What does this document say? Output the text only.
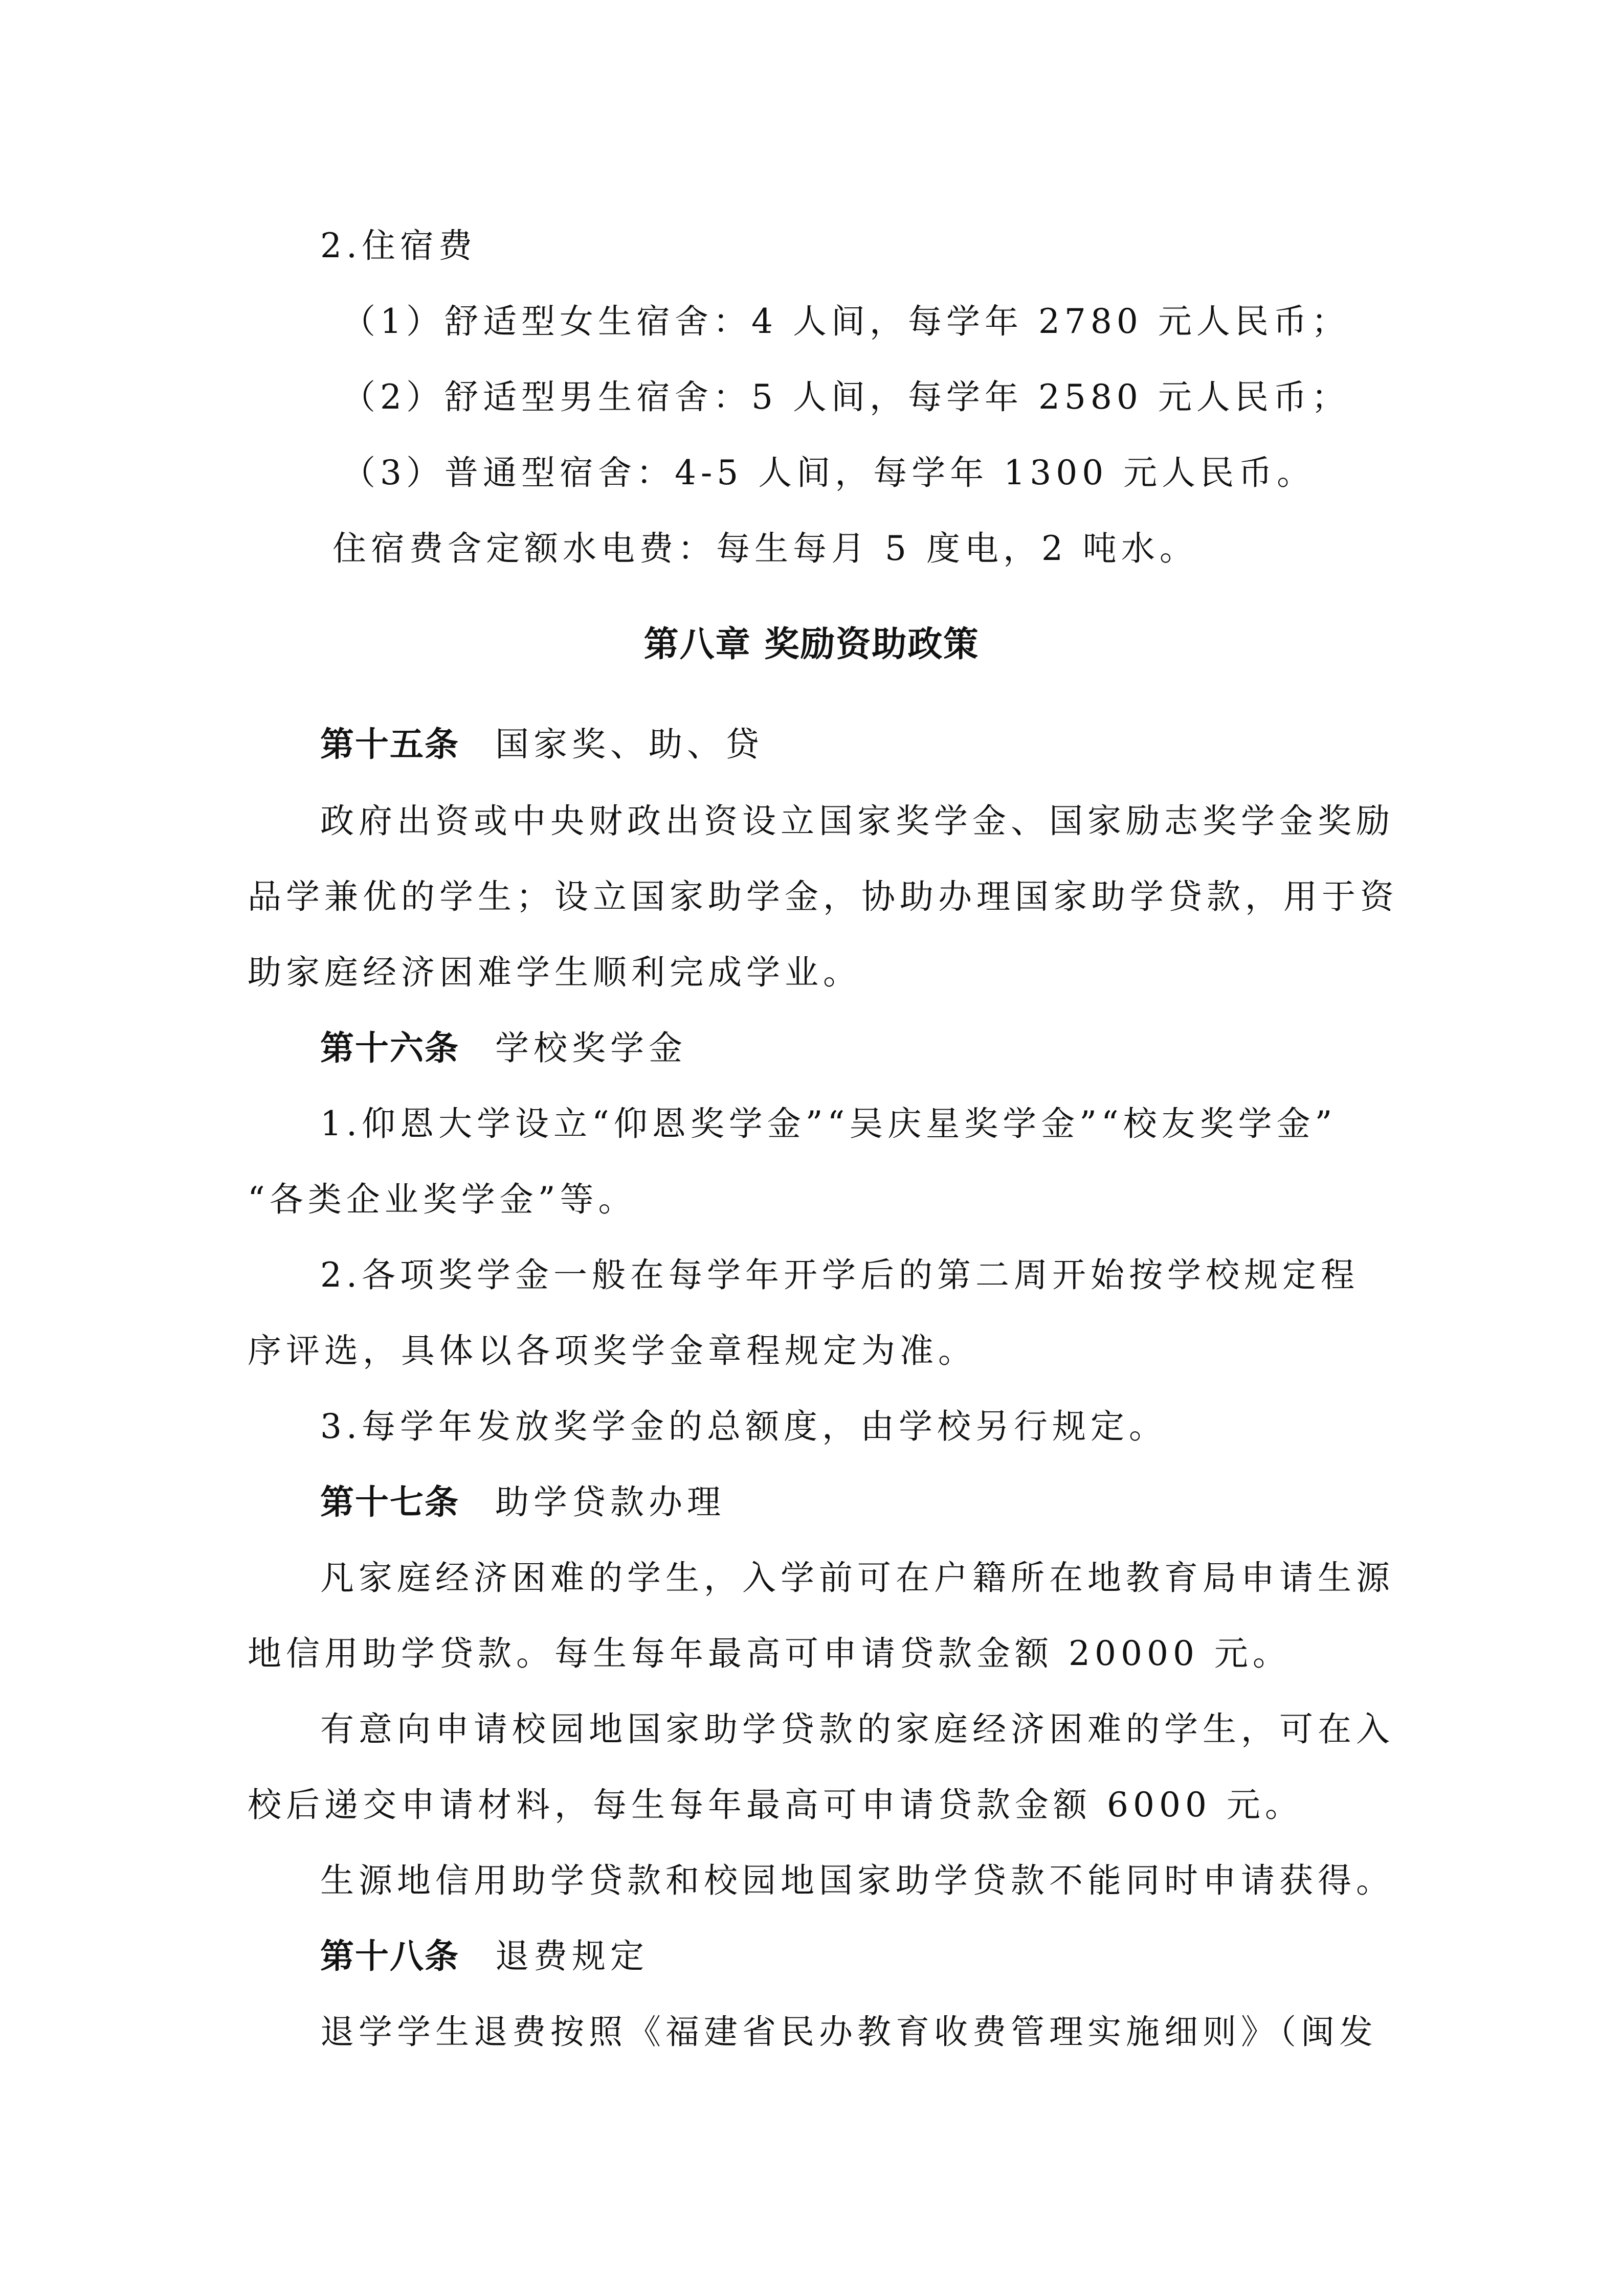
2.住宿费
（1）舒适型女生宿舍：4 人间，每学年 2780 元人民币；
（2）舒适型男生宿舍：5 人间，每学年 2580 元人民币；
（3）普通型宿舍：4-5 人间，每学年 1300 元人民币。
住宿费含定额水电费：每生每月 5 度电，2 吨水。
第八章 奖励资助政策
第十五条 国家奖、助、贷
政府出资或中央财政出资设立国家奖学金、国家励志奖学金奖励
品学兼优的学生；设立国家助学金，协助办理国家助学贷款，用于资
助家庭经济困难学生顺利完成学业。
第十六条 学校奖学金
1.仰恩大学设立“仰恩奖学金”“吴庆星奖学金”“校友奖学金”
“各类企业奖学金”等。
2.各项奖学金一般在每学年开学后的第二周开始按学校规定程
序评选，具体以各项奖学金章程规定为准。
3.每学年发放奖学金的总额度，由学校另行规定。
第十七条 助学贷款办理
凡家庭经济困难的学生，入学前可在户籍所在地教育局申请生源
地信用助学贷款。每生每年最高可申请贷款金额 20000 元。
有意向申请校园地国家助学贷款的家庭经济困难的学生，可在入
校后递交申请材料，每生每年最高可申请贷款金额 6000 元。
生源地信用助学贷款和校园地国家助学贷款不能同时申请获得。
第十八条 退费规定
退学学生退费按照《福建省民办教育收费管理实施细则》（闽发
